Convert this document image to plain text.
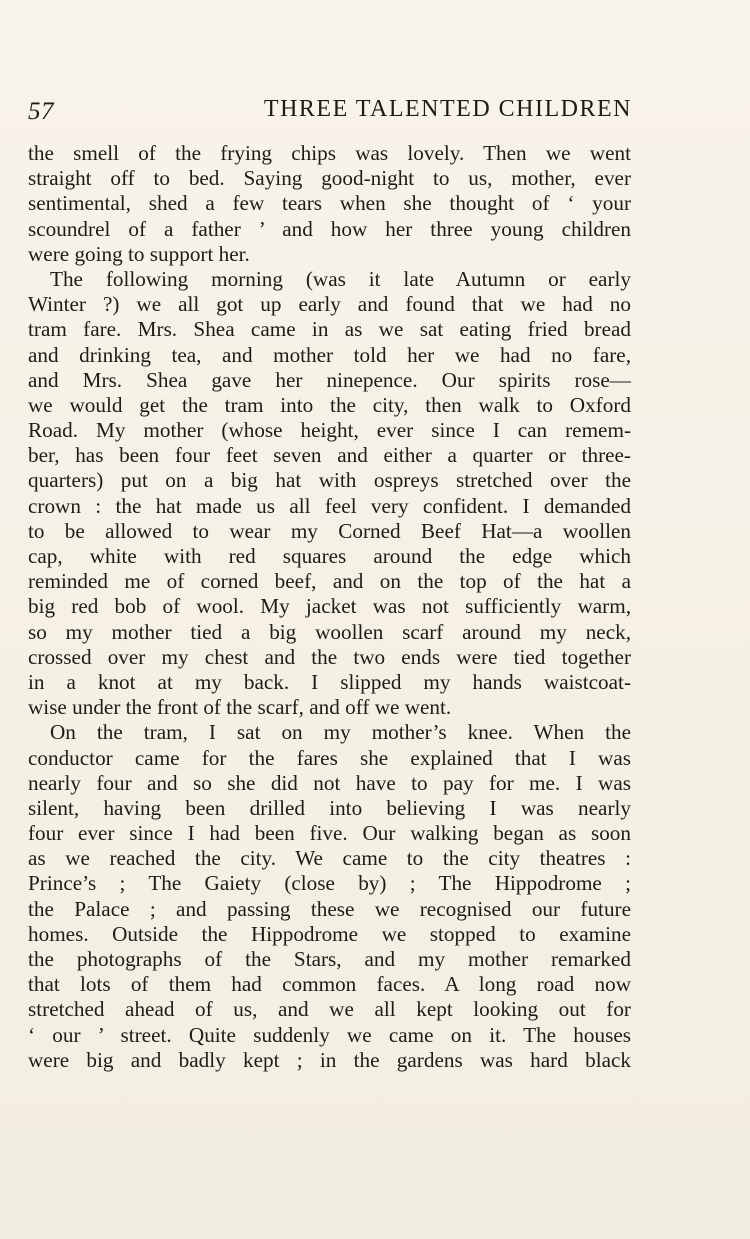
57	THREE TALENTED CHILDREN
the smell of the frying chips was lovely. Then we went
straight off to bed. Saying good-night to us, mother, ever
sentimental, shed a few tears when she thought of ‘ your
scoundrel of a father ’ and how her three young children
were going to support her.
The following morning (was it late Autumn or early
Winter ?) we all got up early and found that we had no
tram fare. Mrs. Shea came in as we sat eating fried bread
and drinking tea, and mother told her we had no fare,
and Mrs. Shea gave her ninepence. Our spirits rose—
we would get the tram into the city, then walk to Oxford
Road. My mother (whose height, ever since I can remem-
ber, has been four feet seven and either a quarter or three-
quarters) put on a big hat with ospreys stretched over the
crown : the hat made us all feel very confident. I demanded
to be allowed to wear my Corned Beef Hat—a woollen
cap, white with red squares around the edge which
reminded me of corned beef, and on the top of the hat a
big red bob of wool. My jacket was not sufficiently warm,
so my mother tied a big woollen scarf around my neck,
crossed over my chest and the two ends were tied together
in a knot at my back. I slipped my hands waistcoat-
wise under the front of the scarf, and off we went.
On the tram, I sat on my mother’s knee. When the
conductor came for the fares she explained that I was
nearly four and so she did not have to pay for me. I was
silent, having been drilled into believing I was nearly
four ever since I had been five. Our walking began as soon
as we reached the city. We came to the city theatres :
Prince’s ; The Gaiety (close by) ; The Hippodrome ;
the Palace ; and passing these we recognised our future
homes. Outside the Hippodrome we stopped to examine
the photographs of the Stars, and my mother remarked
that lots of them had common faces. A long road now
stretched ahead of us, and we all kept looking out for
‘ our ’ street. Quite suddenly we came on it. The houses
were big and badly kept ; in the gardens was hard black
